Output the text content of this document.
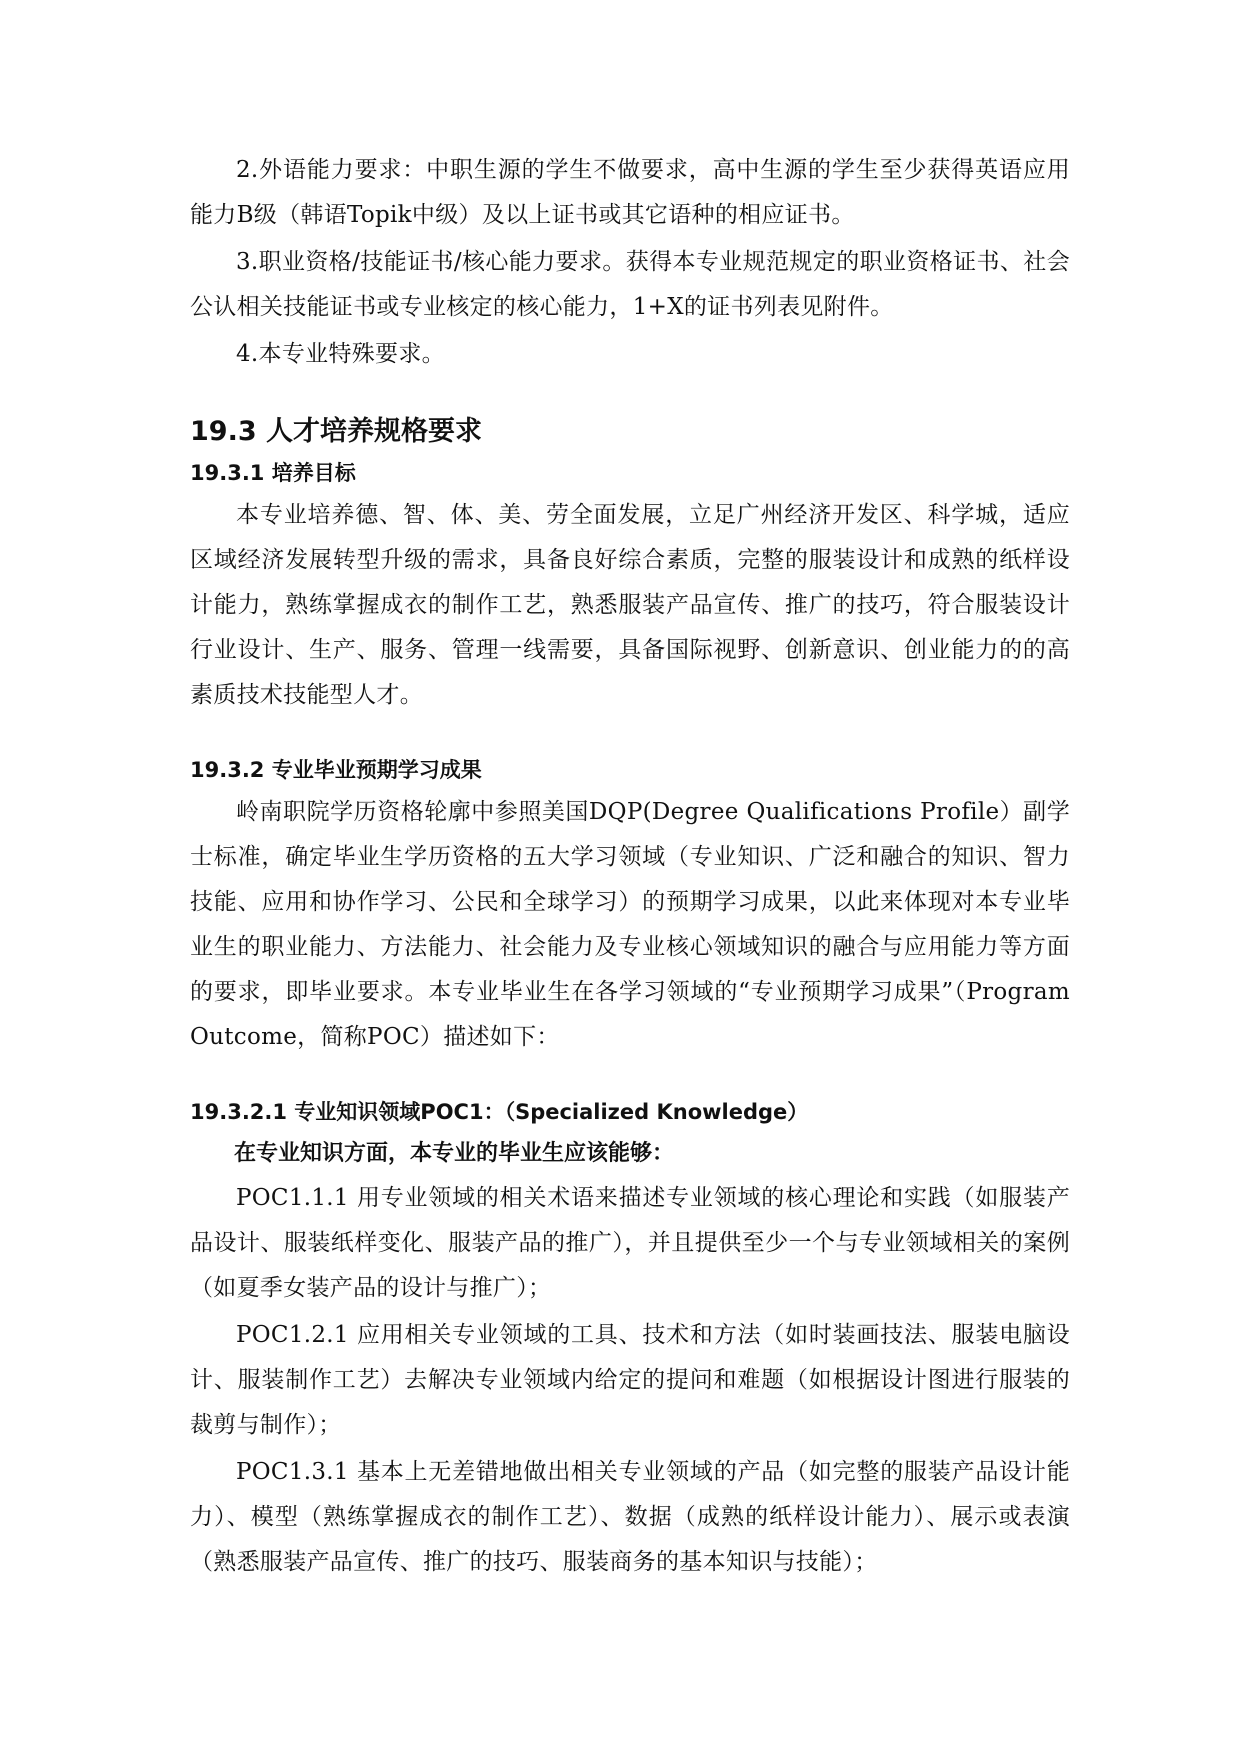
2.外语能力要求：中职生源的学生不做要求，高中生源的学生至少获得英语应用能力B级（韩语Topik中级）及以上证书或其它语种的相应证书。

3.职业资格/技能证书/核心能力要求。获得本专业规范规定的职业资格证书、社会公认相关技能证书或专业核定的核心能力，1+X的证书列表见附件。

4.本专业特殊要求。

19.3 人才培养规格要求
19.3.1 培养目标

本专业培养德、智、体、美、劳全面发展，立足广州经济开发区、科学城，适应区域经济发展转型升级的需求，具备良好综合素质，完整的服装设计和成熟的纸样设计能力，熟练掌握成衣的制作工艺，熟悉服装产品宣传、推广的技巧，符合服装设计行业设计、生产、服务、管理一线需要，具备国际视野、创新意识、创业能力的的高素质技术技能型人才。

19.3.2 专业毕业预期学习成果

岭南职院学历资格轮廓中参照美国DQP(Degree Qualifications Profile）副学士标准，确定毕业生学历资格的五大学习领域（专业知识、广泛和融合的知识、智力技能、应用和协作学习、公民和全球学习）的预期学习成果，以此来体现对本专业毕业生的职业能力、方法能力、社会能力及专业核心领域知识的融合与应用能力等方面的要求，即毕业要求。本专业毕业生在各学习领域的“专业预期学习成果”（Program Outcome，简称POC）描述如下：

19.3.2.1 专业知识领域POC1：（Specialized Knowledge）

在专业知识方面，本专业的毕业生应该能够：

POC1.1.1 用专业领域的相关术语来描述专业领域的核心理论和实践（如服装产品设计、服装纸样变化、服装产品的推广），并且提供至少一个与专业领域相关的案例（如夏季女装产品的设计与推广）；

POC1.2.1 应用相关专业领域的工具、技术和方法（如时装画技法、服装电脑设计、服装制作工艺）去解决专业领域内给定的提问和难题（如根据设计图进行服装的裁剪与制作）；

POC1.3.1 基本上无差错地做出相关专业领域的产品（如完整的服装产品设计能力）、模型（熟练掌握成衣的制作工艺）、数据（成熟的纸样设计能力）、展示或表演（熟悉服装产品宣传、推广的技巧、服装商务的基本知识与技能）；
